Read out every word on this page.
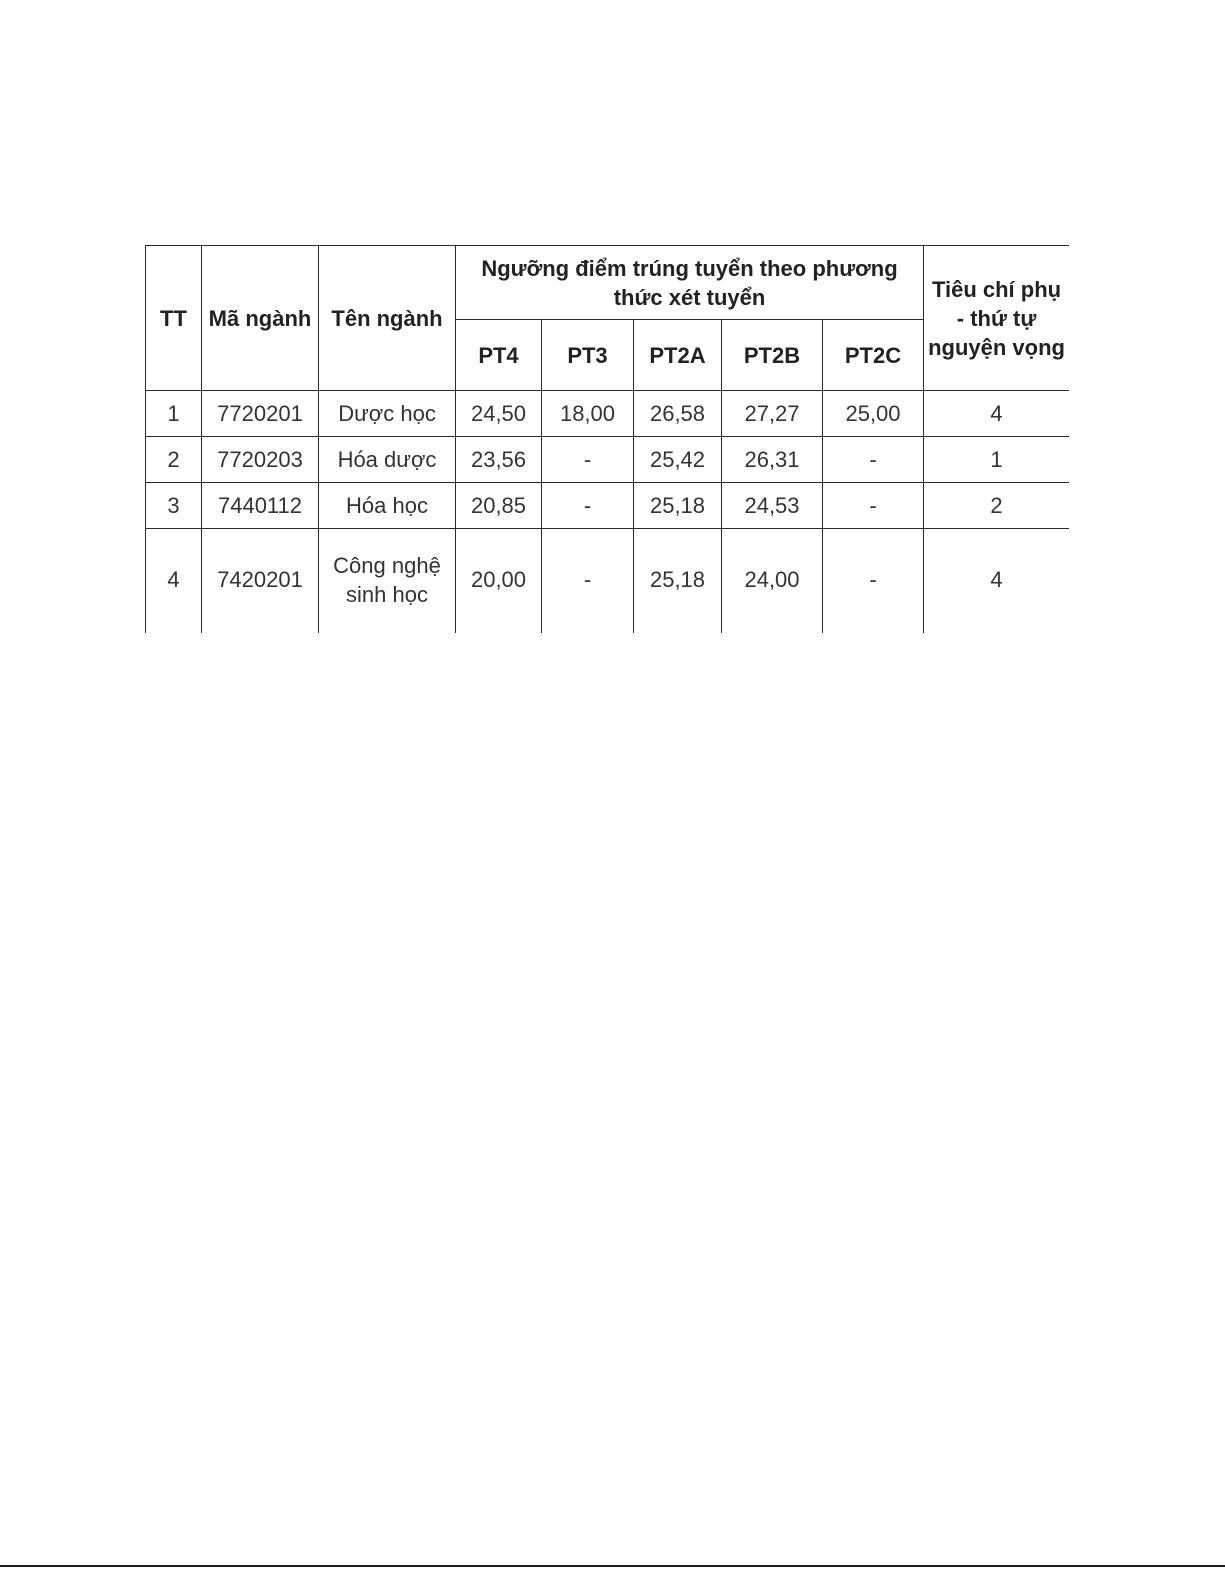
TT	Mã ngành	Tên ngành	Ngưỡng điểm trúng tuyển theo phương thức xét tuyển					Tiêu chí phụ - thứ tự nguyện vọng
			PT4	PT3	PT2A	PT2B	PT2C	
1	7720201	Dược học	24,50	18,00	26,58	27,27	25,00	4
2	7720203	Hóa dược	23,56	-	25,42	26,31	-	1
3	7440112	Hóa học	20,85	-	25,18	24,53	-	2
4	7420201	Công nghệ sinh học	20,00	-	25,18	24,00	-	4
